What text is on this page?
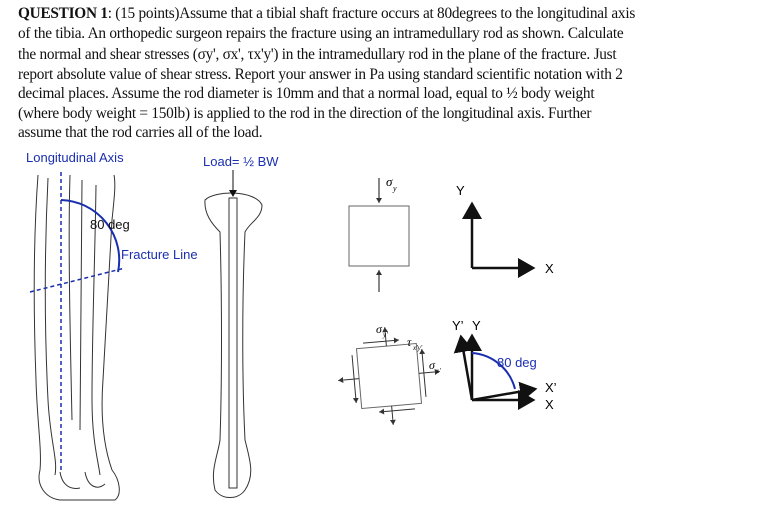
QUESTION 1: (15 points)Assume that a tibial shaft fracture occurs at 80degrees to the longitudinal axis
of the tibia. An orthopedic surgeon repairs the fracture using an intramedullary rod as shown. Calculate
the normal and shear stresses (σy', σx', τx'y') in the intramedullary rod in the plane of the fracture. Just
report absolute value of shear stress. Report your answer in Pa using standard scientific notation with 2
decimal places. Assume the rod diameter is 10mm and that a normal load, equal to ½ body weight
(where body weight = 150lb) is applied to the rod in the direction of the longitudinal axis. Further
assume that the rod carries all of the load.
Longitudinal Axis	Load= ½ BW
80 deg
Fracture Line
σ y	Y
X
σ y' τ x'y'
σ x'
Y’ Y
80 deg
X’
X
